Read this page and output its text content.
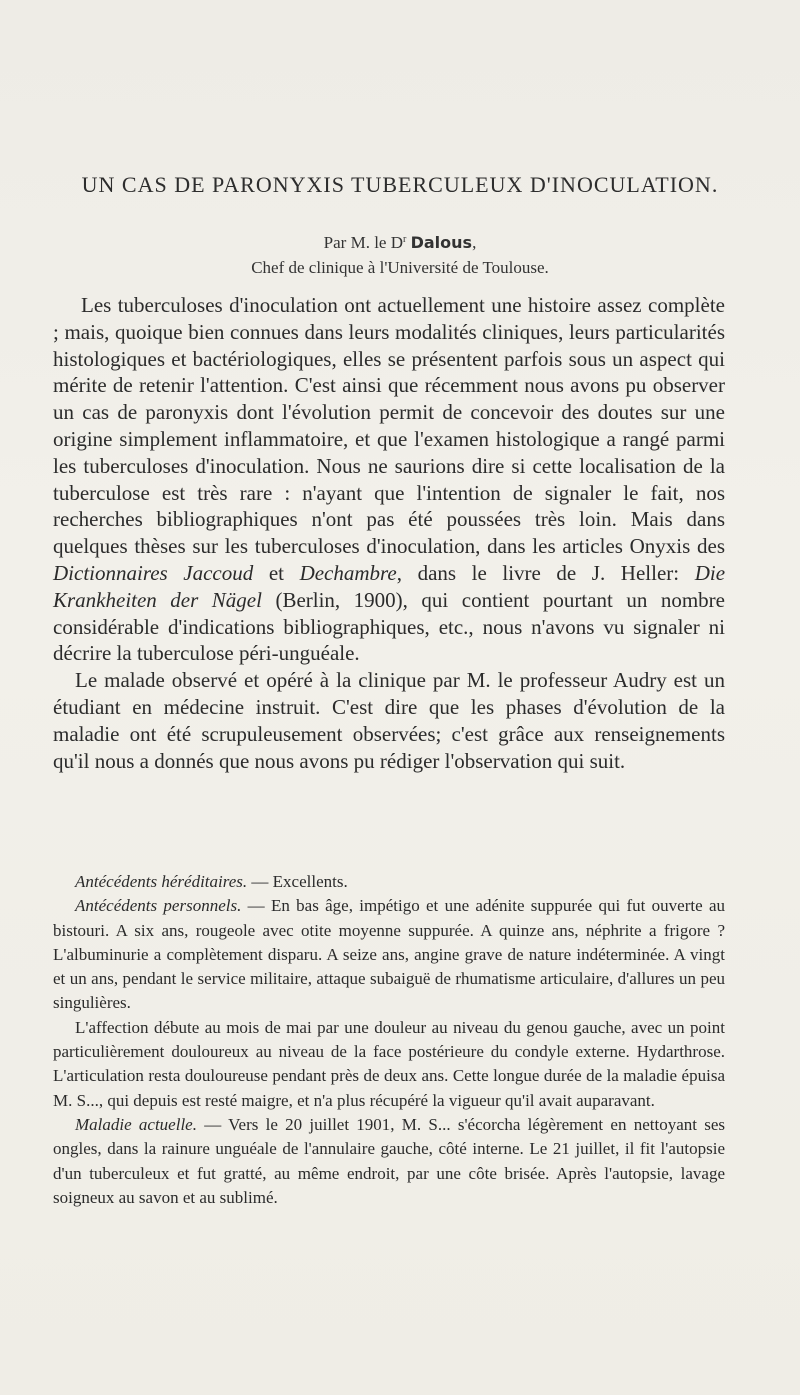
UN CAS DE PARONYXIS TUBERCULEUX D'INOCULATION.
Par M. le $D^r$ Dalous,
Chef de clinique à l'Université de Toulouse.

Les tuberculoses d'inoculation ont actuellement une histoire assez complète ; mais, quoique bien connues dans leurs modalités cliniques, leurs particularités histologiques et bactériologiques, elles se présentent parfois sous un aspect qui mérite de retenir l'attention. C'est ainsi que récemment nous avons pu observer un cas de paronyxis dont l'évolution permit de concevoir des doutes sur une origine simplement inflammatoire, et que l'examen histologique a rangé parmi les tuberculoses d'inoculation. Nous ne saurions dire si cette localisation de la tuberculose est très rare : n'ayant que l'intention de signaler le fait, nos recherches bibliographiques n'ont pas été poussées très loin. Mais dans quelques thèses sur les tuberculoses d'inoculation, dans les articles Onyxis des Dictionnaires Jaccoud et Dechambre, dans le livre de J. Heller: Die Krankheiten der Nägel (Berlin, 1900), qui contient pourtant un nombre considérable d'indications bibliographiques, etc., nous n'avons vu signaler ni décrire la tuberculose péri-unguéale.

Le malade observé et opéré à la clinique par M. le professeur Audry est un étudiant en médecine instruit. C'est dire que les phases d'évolution de la maladie ont été scrupuleusement observées; c'est grâce aux renseignements qu'il nous a donnés que nous avons pu rédiger l'observation qui suit.

Antécédents héréditaires. — Excellents.

Antécédents personnels. — En bas âge, impétigo et une adénite suppurée qui fut ouverte au bistouri. A six ans, rougeole avec otite moyenne suppurée. A quinze ans, néphrite a frigore ? L'albuminurie a complètement disparu. A seize ans, angine grave de nature indéterminée. A vingt et un ans, pendant le service militaire, attaque subaiguë de rhumatisme articulaire, d'allures un peu singulières.

L'affection débute au mois de mai par une douleur au niveau du genou gauche, avec un point particulièrement douloureux au niveau de la face postérieure du condyle externe. Hydarthrose. L'articulation resta douloureuse pendant près de deux ans. Cette longue durée de la maladie épuisa M. S..., qui depuis est resté maigre, et n'a plus récupéré la vigueur qu'il avait auparavant.

Maladie actuelle. — Vers le 20 juillet 1901, M. S... s'écorcha légèrement en nettoyant ses ongles, dans la rainure unguéale de l'annulaire gauche, côté interne. Le 21 juillet, il fit l'autopsie d'un tuberculeux et fut gratté, au même endroit, par une côte brisée. Après l'autopsie, lavage soigneux au savon et au sublimé.
